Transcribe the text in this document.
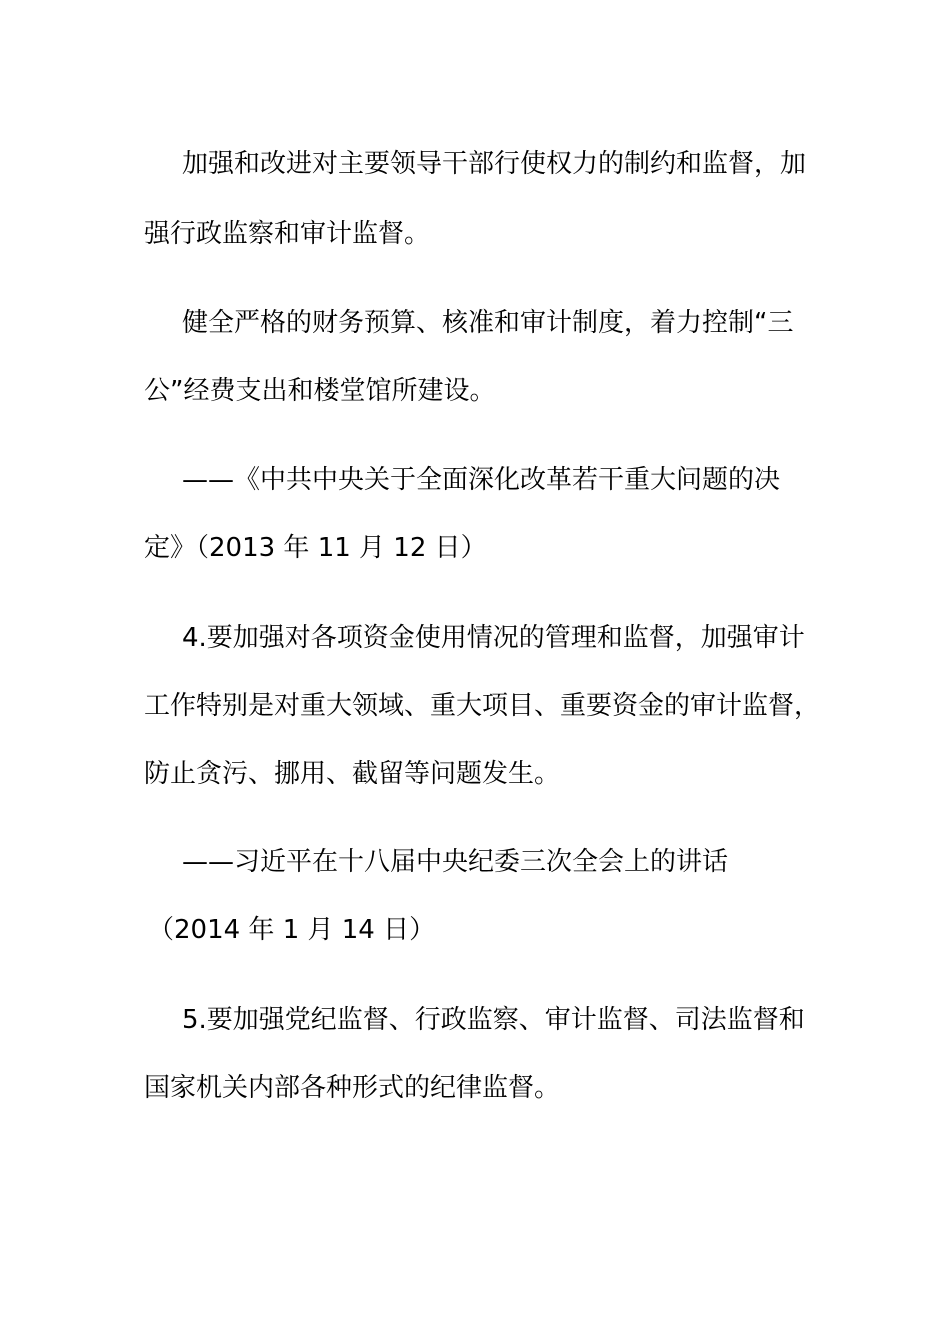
加强和改进对主要领导干部行使权力的制约和监督，加
强行政监察和审计监督。
健全严格的财务预算、核准和审计制度，着力控制“三
公”经费支出和楼堂馆所建设。
——《中共中央关于全面深化改革若干重大问题的决
定》（2013 年 11 月 12 日）
4.要加强对各项资金使用情况的管理和监督，加强审计
工作特别是对重大领域、重大项目、重要资金的审计监督，
防止贪污、挪用、截留等问题发生。
——习近平在十八届中央纪委三次全会上的讲话
（2014 年 1 月 14 日）
5.要加强党纪监督、行政监察、审计监督、司法监督和
国家机关内部各种形式的纪律监督。
